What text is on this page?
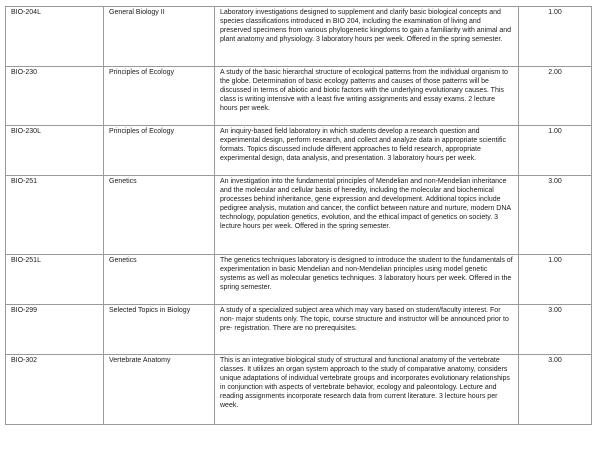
BIO-204L	General Biology II	Laboratory investigations designed to supplement and clarify basic biological concepts and species classifications introduced in BIO 204, including the examination of living and preserved specimens from various phylogenetic kingdoms to gain a familiarity with animal and plant anatomy and physiology. 3 laboratory hours per week. Offered in the spring semester.	1.00
BIO-230	Principles of Ecology	A study of the basic hierarchal structure of ecological patterns from the individual organism to the globe. Determination of basic ecology patterns and causes of those patterns will be discussed in terms of abiotic and biotic factors with the underlying evolutionary causes. This class is writing intensive with a least five writing assignments and essay exams. 2 lecture hours per week.	2.00
BIO-230L	Principles of Ecology	An inquiry-based field laboratory in which students develop a research question and experimental design, perform research, and collect and analyze data in appropriate scientific formats. Topics discussed include different approaches to field research, appropriate experimental design, data analysis, and presentation. 3 laboratory hours per week.	1.00
BIO-251	Genetics	An investigation into the fundamental principles of Mendelian and non-Mendelian inheritance and the molecular and cellular basis of heredity, including the molecular and biochemical processes behind inheritance, gene expression and development. Additional topics include pedigree analysis, mutation and cancer, the conflict between nature and nurture, modern DNA technology, population genetics, evolution, and the ethical impact of genetics on society. 3 lecture hours per week. Offered in the spring semester.	3.00
BIO-251L	Genetics	The genetics techniques laboratory is designed to introduce the student to the fundamentals of experimentation in basic Mendelian and non-Mendelian principles using model genetic systems as well as molecular genetics techniques. 3 laboratory hours per week. Offered in the spring semester.	1.00
BIO-299	Selected Topics in Biology	A study of a specialized subject area which may vary based on student/faculty interest. For non- major students only. The topic, course structure and instructor will be announced prior to pre- registration. There are no prerequisites.	3.00
BIO-302	Vertebrate Anatomy	This is an integrative biological study of structural and functional anatomy of the vertebrate classes. It utilizes an organ system approach to the study of comparative anatomy, considers unique adaptations of individual vertebrate groups and incorporates evolutionary relationships in conjunction with aspects of vertebrate behavior, ecology and paleontology. Lecture and reading assignments incorporate research data from current literature. 3 lecture hours per week.	3.00
